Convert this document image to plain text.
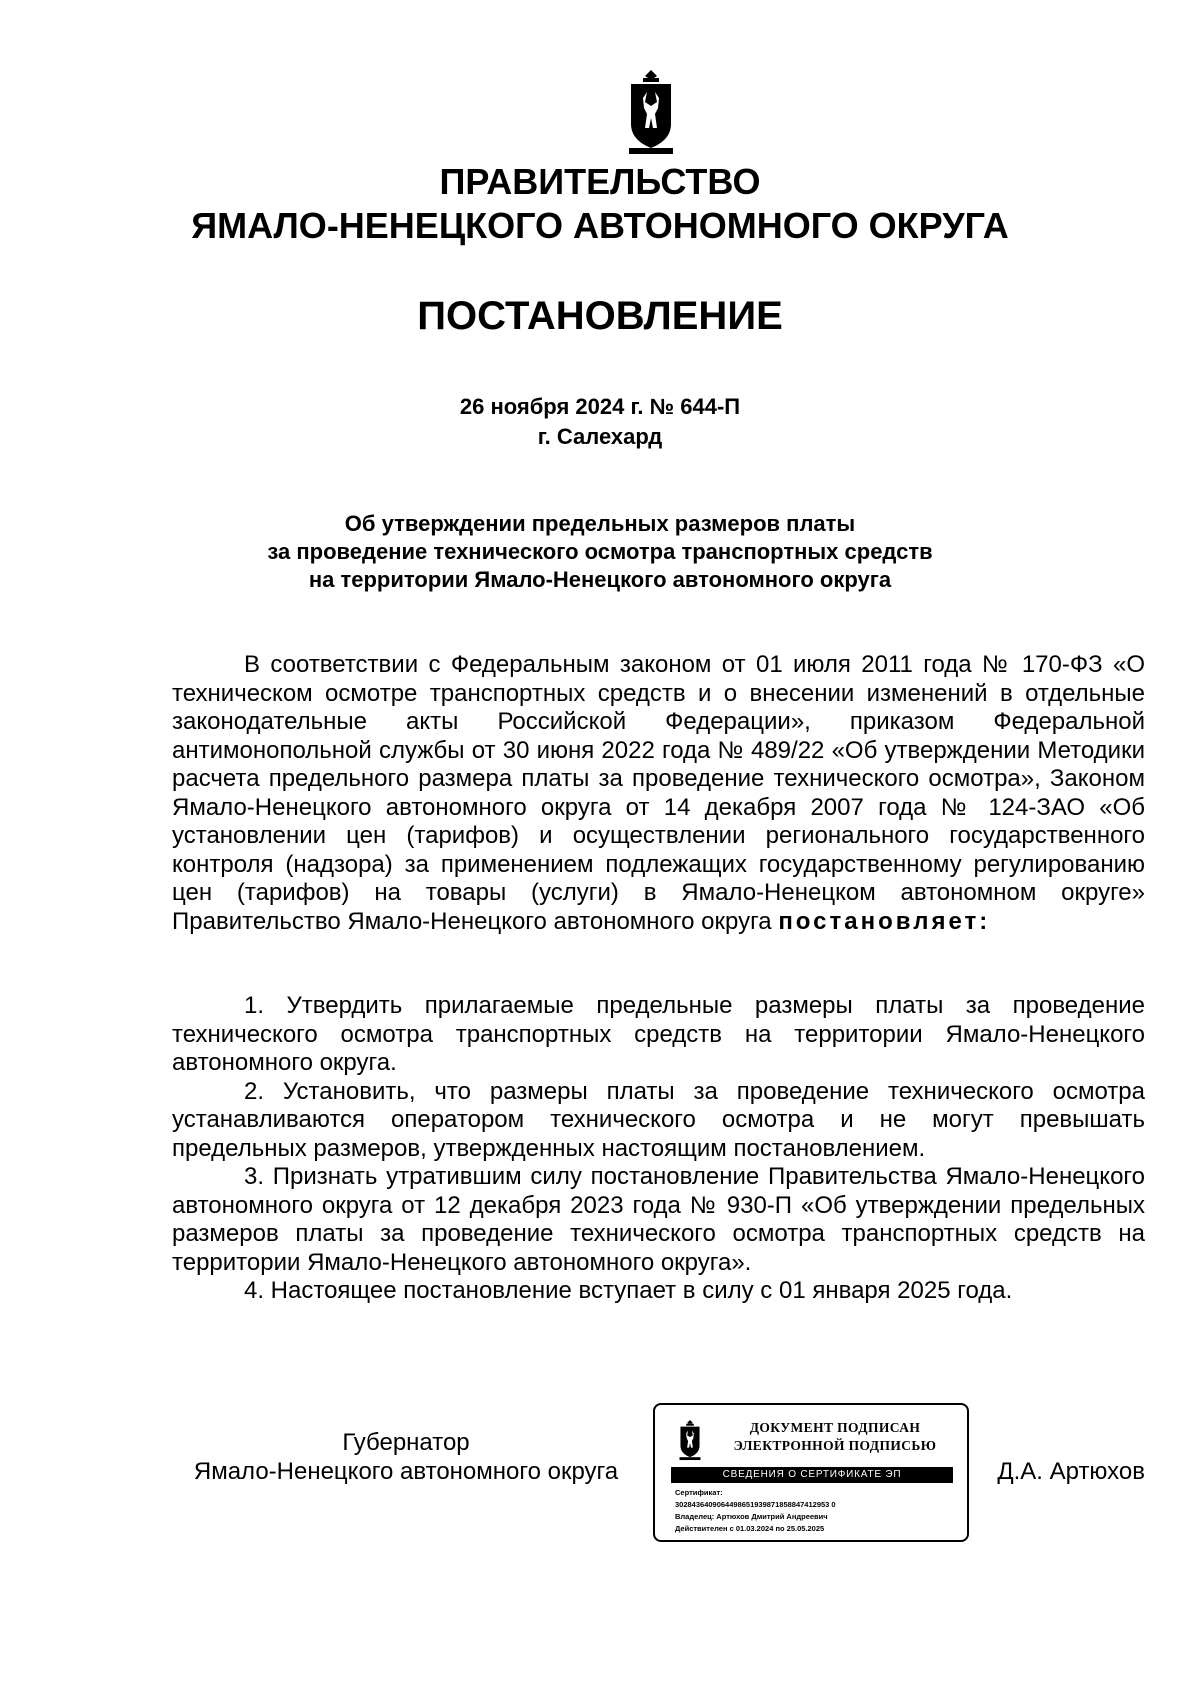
ПРАВИТЕЛЬСТВО
ЯМАЛО-НЕНЕЦКОГО АВТОНОМНОГО ОКРУГА
ПОСТАНОВЛЕНИЕ
26 ноября 2024 г. № 644-П
г. Салехард
Об утверждении предельных размеров платы
за проведение технического осмотра транспортных средств
на территории Ямало-Ненецкого автономного округа

В соответствии с Федеральным законом от 01 июля 2011 года № 170-ФЗ «О техническом осмотре транспортных средств и о внесении изменений в отдельные законодательные акты Российской Федерации», приказом Федеральной антимонопольной службы от 30 июня 2022 года № 489/22 «Об утверждении Методики расчета предельного размера платы за проведение технического осмотра», Законом Ямало-Ненецкого автономного округа от 14 декабря 2007 года № 124-ЗАО «Об установлении цен (тарифов) и осуществлении регионального государственного контроля (надзора) за применением подлежащих государственному регулированию цен (тарифов) на товары (услуги) в Ямало-Ненецком автономном округе» Правительство Ямало-Ненецкого автономного округа постановляет:

1. Утвердить прилагаемые предельные размеры платы за проведение технического осмотра транспортных средств на территории Ямало-Ненецкого автономного округа.

2. Установить, что размеры платы за проведение технического осмотра устанавливаются оператором технического осмотра и не могут превышать предельных размеров, утвержденных настоящим постановлением.

3. Признать утратившим силу постановление Правительства Ямало-Ненецкого автономного округа от 12 декабря 2023 года № 930-П «Об утверждении предельных размеров платы за проведение технического осмотра транспортных средств на территории Ямало-Ненецкого автономного округа».

4. Настоящее постановление вступает в силу с 01 января 2025 года.

Губернатор
Ямало-Ненецкого автономного округа
ДОКУМЕНТ ПОДПИСАН
ЭЛЕКТРОННОЙ ПОДПИСЬЮ
СВЕДЕНИЯ О СЕРТИФИКАТЕ ЭП
Сертификат:
3028436409064498651939871858847412953 0
Владелец: Артюхов Дмитрий Андреевич
Действителен с 01.03.2024 по 25.05.2025
Д.А. Артюхов
